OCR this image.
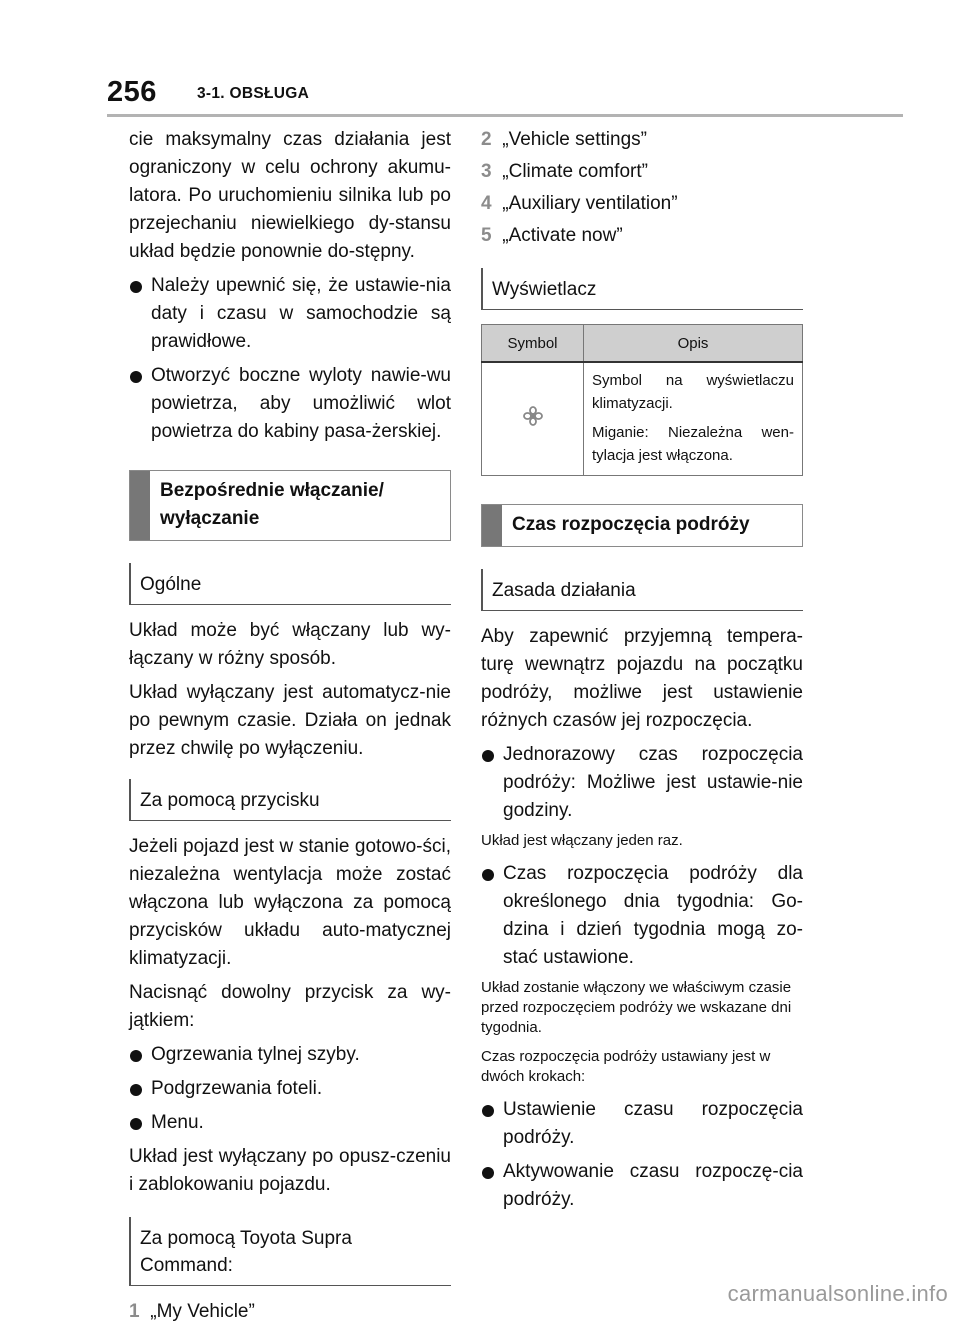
256	3-1. OBSŁUGA

cie maksymalny czas działania jest ograniczony w celu ochrony akumu-latora. Po uruchomieniu silnika lub po przejechaniu niewielkiego dy-stansu układ będzie ponownie do-stępny.

Należy upewnić się, że ustawie-nia daty i czasu w samochodzie są prawidłowe.

Otworzyć boczne wyloty nawie-wu powietrza, aby umożliwić wlot powietrza do kabiny pasa-żerskiej.

Bezpośrednie włączanie/ wyłączanie
Ogólne

Układ może być włączany lub wy-łączany w różny sposób.

Układ wyłączany jest automatycz-nie po pewnym czasie. Działa on jednak przez chwilę po wyłączeniu.

Za pomocą przycisku

Jeżeli pojazd jest w stanie gotowo-ści, niezależna wentylacja może zostać włączona lub wyłączona za pomocą przycisków układu auto-matycznej klimatyzacji.

Nacisnąć dowolny przycisk za wy-jątkiem:

Ogrzewania tylnej szyby.

Podgrzewania foteli.

Menu.

Układ jest wyłączany po opusz-czeniu i zablokowaniu pojazdu.

Za pomocą Toyota Supra Command:

1 „My Vehicle”

2 „Vehicle settings”

3 „Climate comfort”

4 „Auxiliary ventilation”

5 „Activate now”

Wyświetlacz
Symbol	Opis

Symbol na wyświetlaczu klimatyzacji.

Miganie: Niezależna wen-tylacja jest włączona.

Czas rozpoczęcia podróży
Zasada działania

Aby zapewnić przyjemną tempera-turę wewnątrz pojazdu na początku podróży, możliwe jest ustawienie różnych czasów jej rozpoczęcia.

Jednorazowy czas rozpoczęcia podróży: Możliwe jest ustawie-nie godziny.

Układ jest włączany jeden raz.

Czas rozpoczęcia podróży dla określonego dnia tygodnia: Go-dzina i dzień tygodnia mogą zo-stać ustawione.

Układ zostanie włączony we właściwym czasie przed rozpoczęciem podróży we wskazane dni tygodnia.

Czas rozpoczęcia podróży ustawiany jest w dwóch krokach:

Ustawienie czasu rozpoczęcia podróży.

Aktywowanie czasu rozpoczę-cia podróży.

carmanualsonline.info
